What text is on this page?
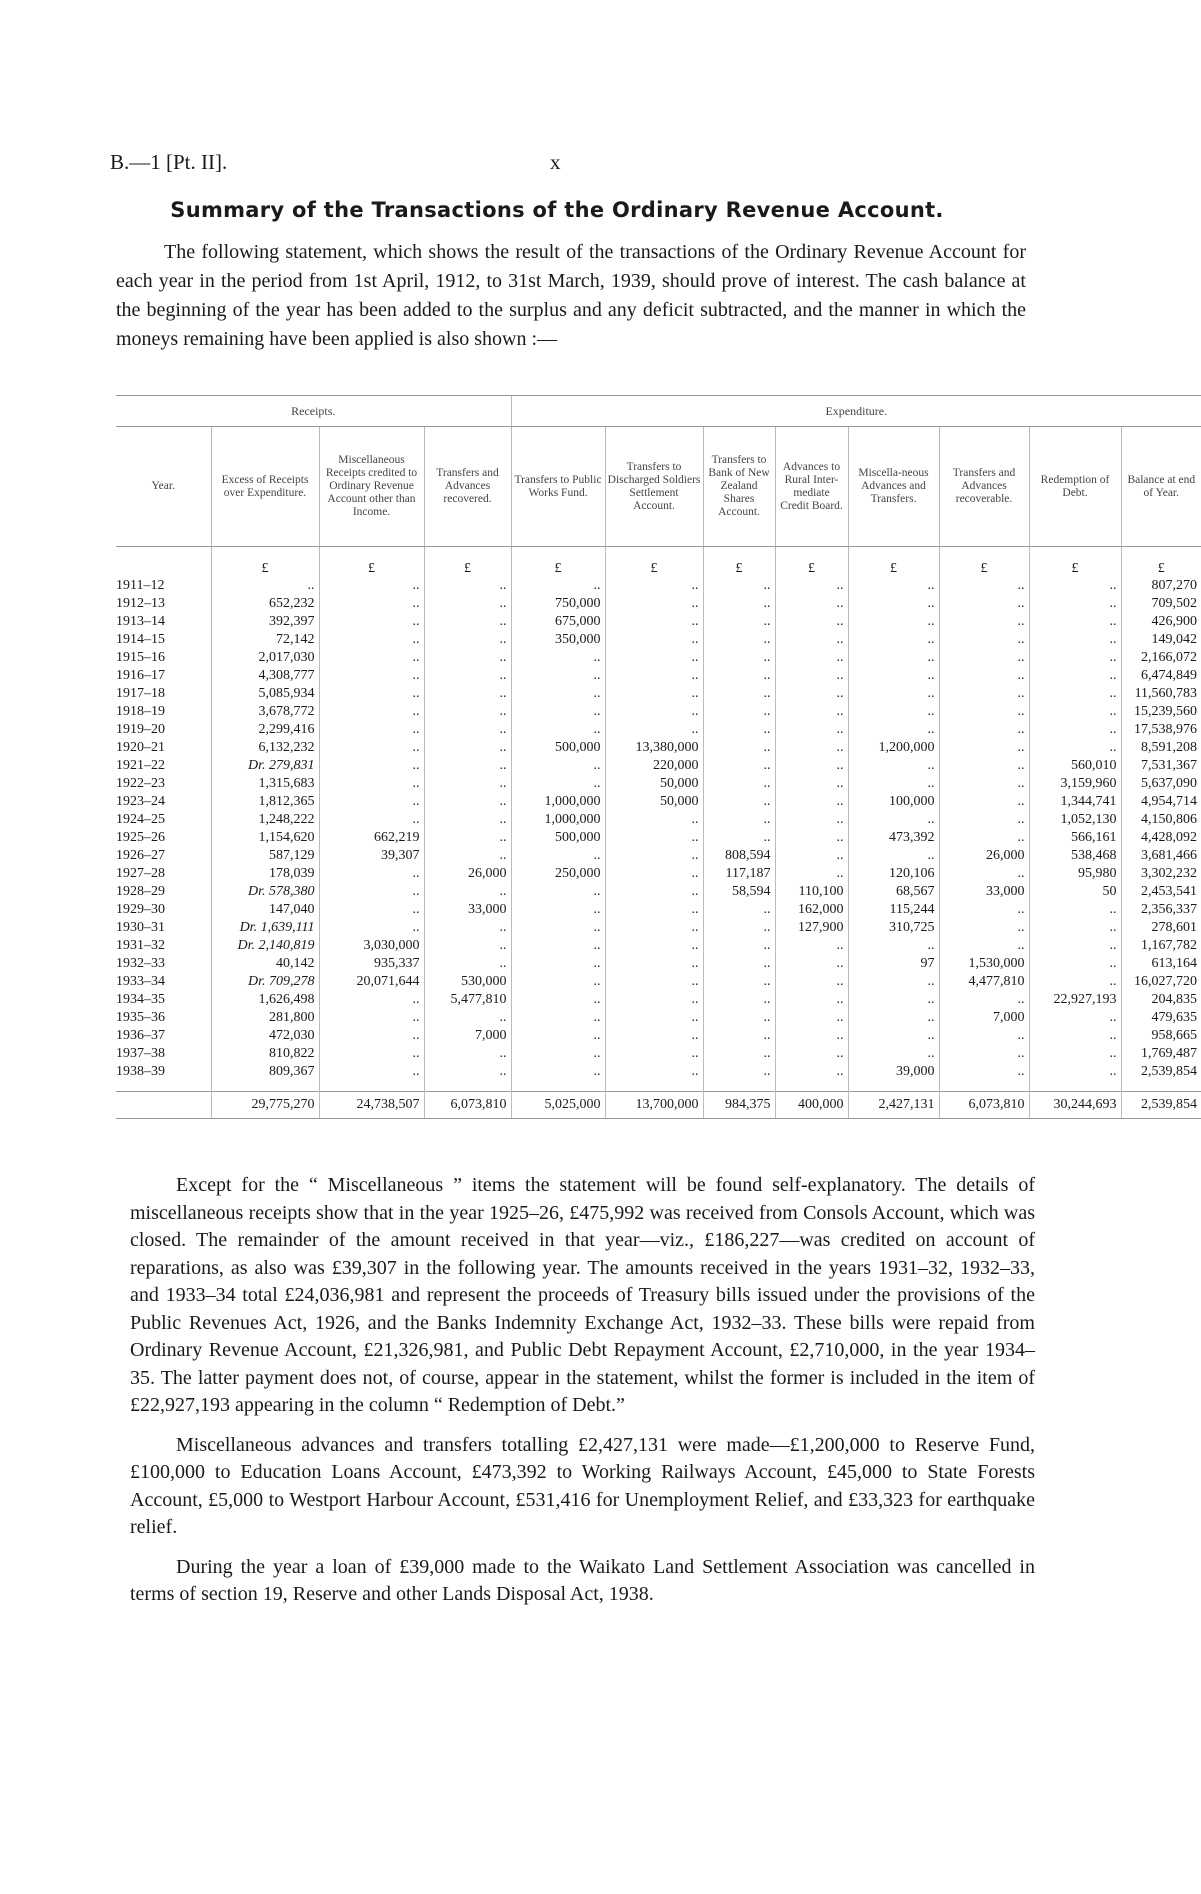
B.—1 [Pt. II].	x
Summary of the Transactions of the Ordinary Revenue Account.
The following statement, which shows the result of the transactions of the Ordinary Revenue Account for each year in the period from 1st April, 1912, to 31st March, 1939, should prove of interest. The cash balance at the beginning of the year has been added to the surplus and any deficit subtracted, and the manner in which the moneys remaining have been applied is also shown :—
Receipts.				Expenditure.							
Year.	Excess of Receipts over Expenditure.	Miscellaneous Receipts credited to Ordinary Revenue Account other than Income.	Transfers and Advances recovered.	Transfers to Public Works Fund.	Transfers to Discharged Soldiers Settlement Account.	Transfers to Bank of New Zealand Shares Account.	Advances to Rural Inter-mediate Credit Board.	Miscella-neous Advances and Transfers.	Transfers and Advances recoverable.	Redemption of Debt.	Balance at end of Year.
	£	£	£	£	£	£	£	£	£	£	£
1911–12	..	..	..	..	..	..	..	..	..	..	807,270
1912–13	652,232	..	..	750,000	..	..	..	..	..	..	709,502
1913–14	392,397	..	..	675,000	..	..	..	..	..	..	426,900
1914–15	72,142	..	..	350,000	..	..	..	..	..	..	149,042
1915–16	2,017,030	..	..	..	..	..	..	..	..	..	2,166,072
1916–17	4,308,777	..	..	..	..	..	..	..	..	..	6,474,849
1917–18	5,085,934	..	..	..	..	..	..	..	..	..	11,560,783
1918–19	3,678,772	..	..	..	..	..	..	..	..	..	15,239,560
1919–20	2,299,416	..	..	..	..	..	..	..	..	..	17,538,976
1920–21	6,132,232	..	..	500,000	13,380,000	..	..	1,200,000	..	..	8,591,208
1921–22	Dr. 279,831	..	..	..	220,000	..	..	..	..	560,010	7,531,367
1922–23	1,315,683	..	..	..	50,000	..	..	..	..	3,159,960	5,637,090
1923–24	1,812,365	..	..	1,000,000	50,000	..	..	100,000	..	1,344,741	4,954,714
1924–25	1,248,222	..	..	1,000,000	..	..	..	..	..	1,052,130	4,150,806
1925–26	1,154,620	662,219	..	500,000	..	..	..	473,392	..	566,161	4,428,092
1926–27	587,129	39,307	..	..	..	808,594	..	..	26,000	538,468	3,681,466
1927–28	178,039	..	26,000	250,000	..	117,187	..	120,106	..	95,980	3,302,232
1928–29	Dr. 578,380	..	..	..	..	58,594	110,100	68,567	33,000	50	2,453,541
1929–30	147,040	..	33,000	..	..	..	162,000	115,244	..	..	2,356,337
1930–31	Dr. 1,639,111	..	..	..	..	..	127,900	310,725	..	..	278,601
1931–32	Dr. 2,140,819	3,030,000	..	..	..	..	..	..	..	..	1,167,782
1932–33	40,142	935,337	..	..	..	..	..	97	1,530,000	..	613,164
1933–34	Dr. 709,278	20,071,644	530,000	..	..	..	..	..	4,477,810	..	16,027,720
1934–35	1,626,498	..	5,477,810	..	..	..	..	..	..	22,927,193	204,835
1935–36	281,800	..	..	..	..	..	..	..	7,000	..	479,635
1936–37	472,030	..	7,000	..	..	..	..	..	..	..	958,665
1937–38	810,822	..	..	..	..	..	..	..	..	..	1,769,487
1938–39	809,367	..	..	..	..	..	..	39,000	..	..	2,539,854

	29,775,270	24,738,507	6,073,810	5,025,000	13,700,000	984,375	400,000	2,427,131	6,073,810	30,244,693	2,539,854

Except for the “ Miscellaneous ” items the statement will be found self-explanatory. The details of miscellaneous receipts show that in the year 1925–26, £475,992 was received from Consols Account, which was closed. The remainder of the amount received in that year—viz., £186,227—was credited on account of reparations, as also was £39,307 in the following year. The amounts received in the years 1931–32, 1932–33, and 1933–34 total £24,036,981 and represent the proceeds of Treasury bills issued under the provisions of the Public Revenues Act, 1926, and the Banks Indemnity Exchange Act, 1932–33. These bills were repaid from Ordinary Revenue Account, £21,326,981, and Public Debt Repayment Account, £2,710,000, in the year 1934–35. The latter payment does not, of course, appear in the statement, whilst the former is included in the item of £22,927,193 appearing in the column “ Redemption of Debt.”

Miscellaneous advances and transfers totalling £2,427,131 were made—£1,200,000 to Reserve Fund, £100,000 to Education Loans Account, £473,392 to Working Railways Account, £45,000 to State Forests Account, £5,000 to Westport Harbour Account, £531,416 for Unemployment Relief, and £33,323 for earthquake relief.

During the year a loan of £39,000 made to the Waikato Land Settlement Association was cancelled in terms of section 19, Reserve and other Lands Disposal Act, 1938.
